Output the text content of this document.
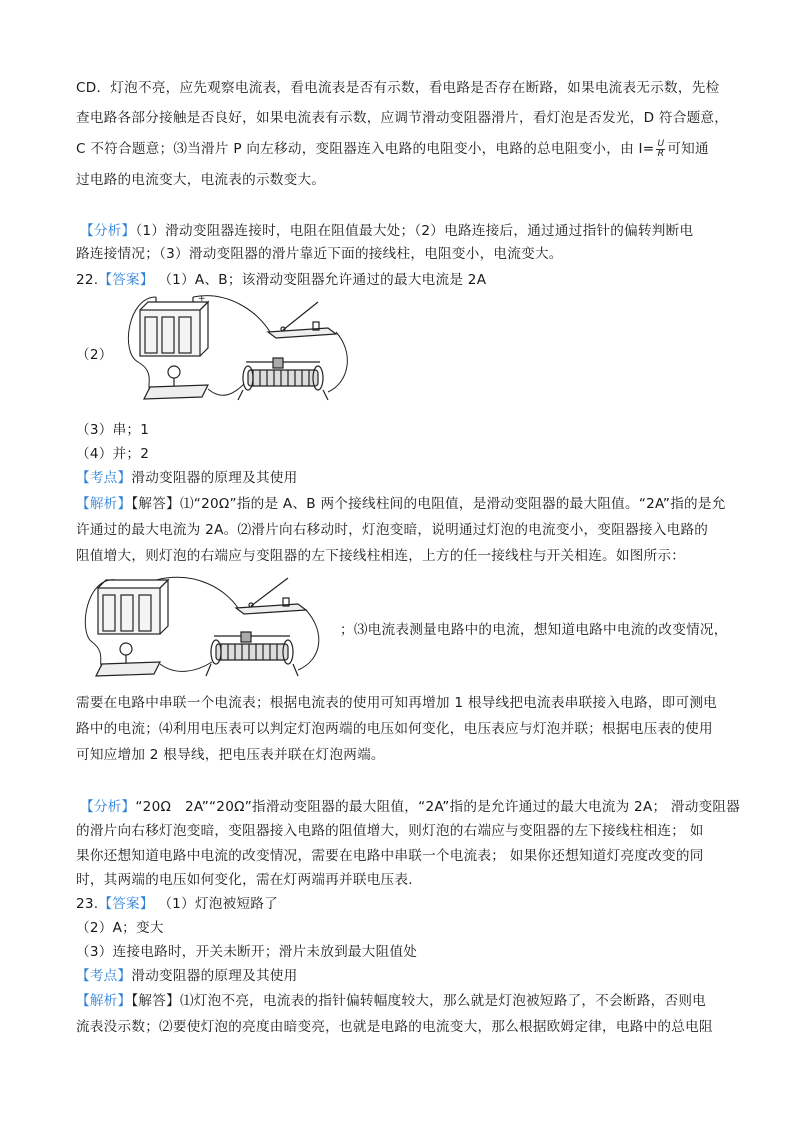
CD．灯泡不亮，应先观察电流表，看电流表是否有示数，看电路是否存在断路，如果电流表无示数，先检
查电路各部分接触是否良好，如果电流表有示数，应调节滑动变阻器滑片，看灯泡是否发光，D 符合题意，
C 不符合题意；⑶当滑片 P 向左移动，变阻器连入电路的电阻变小，电路的总电阻变小，由 $I= \frac{U}{R}$ 可知通
过电路的电流变大，电流表的示数变大。
【分析】（1）滑动变阻器连接时，电阻在阻值最大处；（2）电路连接后，通过通过指针的偏转判断电
路连接情况；（3）滑动变阻器的滑片靠近下面的接线柱，电阻变小，电流变大。
22.【答案】 （1）A、B；该滑动变阻器允许通过的最大电流是 2A
（2）
+
（3）串；1
（4）并；2
【考点】滑动变阻器的原理及其使用
【解析】【解答】⑴“20Ω”指的是 A、B 两个接线柱间的电阻值，是滑动变阻器的最大阻值。“2A”指的是允
许通过的最大电流为 2A。⑵滑片向右移动时，灯泡变暗，说明通过灯泡的电流变小，变阻器接入电路的
阻值增大，则灯泡的右端应与变阻器的左下接线柱相连，上方的任一接线柱与开关相连。如图所示：
；⑶电流表测量电路中的电流，想知道电路中电流的改变情况，
需要在电路中串联一个电流表；根据电流表的使用可知再增加 1 根导线把电流表串联接入电路，即可测电
路中的电流；⑷利用电压表可以判定灯泡两端的电压如何变化，电压表应与灯泡并联；根据电压表的使用
可知应增加 2 根导线，把电压表并联在灯泡两端。
【分析】“20Ω　2A”“20Ω”指滑动变阻器的最大阻值，“2A”指的是允许通过的最大电流为 2A； 滑动变阻器
的滑片向右移灯泡变暗，变阻器接入电路的阻值增大，则灯泡的右端应与变阻器的左下接线柱相连； 如
果你还想知道电路中电流的改变情况，需要在电路中串联一个电流表； 如果你还想知道灯亮度改变的同
时，其两端的电压如何变化，需在灯两端再并联电压表.
23.【答案】 （1）灯泡被短路了
（2）A；变大
（3）连接电路时，开关未断开；滑片未放到最大阻值处
【考点】滑动变阻器的原理及其使用
【解析】【解答】⑴灯泡不亮，电流表的指针偏转幅度较大，那么就是灯泡被短路了，不会断路，否则电
流表没示数；⑵要使灯泡的亮度由暗变亮，也就是电路的电流变大，那么根据欧姆定律，电路中的总电阻
